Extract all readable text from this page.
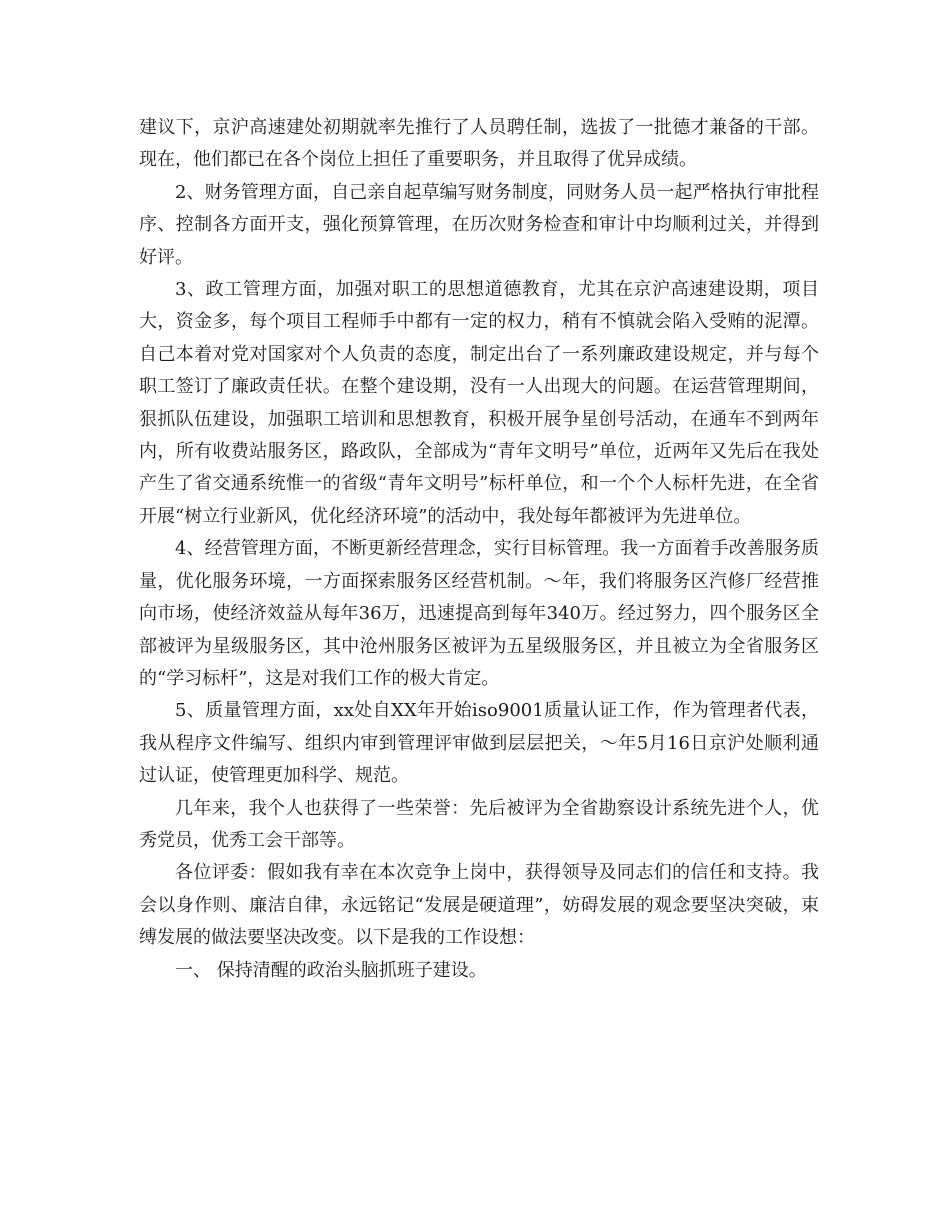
建议下，京沪高速建处初期就率先推行了人员聘任制，选拔了一批德才兼备的干部。现在，他们都已在各个岗位上担任了重要职务，并且取得了优异成绩。

2、财务管理方面，自己亲自起草编写财务制度，同财务人员一起严格执行审批程序、控制各方面开支，强化预算管理，在历次财务检查和审计中均顺利过关，并得到好评。

3、政工管理方面，加强对职工的思想道德教育，尤其在京沪高速建设期，项目大，资金多，每个项目工程师手中都有一定的权力，稍有不慎就会陷入受贿的泥潭。自己本着对党对国家对个人负责的态度，制定出台了一系列廉政建设规定，并与每个职工签订了廉政责任状。在整个建设期，没有一人出现大的问题。在运营管理期间，狠抓队伍建设，加强职工培训和思想教育，积极开展争星创号活动，在通车不到两年内，所有收费站服务区，路政队，全部成为“青年文明号”单位，近两年又先后在我处产生了省交通系统惟一的省级“青年文明号”标杆单位，和一个个人标杆先进，在全省开展“树立行业新风，优化经济环境”的活动中，我处每年都被评为先进单位。

4、经营管理方面，不断更新经营理念，实行目标管理。我一方面着手改善服务质量，优化服务环境，一方面探索服务区经营机制。～年，我们将服务区汽修厂经营推向市场，使经济效益从每年36万，迅速提高到每年340万。经过努力，四个服务区全部被评为星级服务区，其中沧州服务区被评为五星级服务区，并且被立为全省服务区的“学习标杆”，这是对我们工作的极大肯定。

5、质量管理方面，xx处自XX年开始iso9001质量认证工作，作为管理者代表，我从程序文件编写、组织内审到管理评审做到层层把关，～年5月16日京沪处顺利通过认证，使管理更加科学、规范。

几年来，我个人也获得了一些荣誉：先后被评为全省勘察设计系统先进个人，优秀党员，优秀工会干部等。

各位评委：假如我有幸在本次竞争上岗中，获得领导及同志们的信任和支持。我会以身作则、廉洁自律，永远铭记“发展是硬道理”，妨碍发展的观念要坚决突破，束缚发展的做法要坚决改变。以下是我的工作设想：

一、 保持清醒的政治头脑抓班子建设。
